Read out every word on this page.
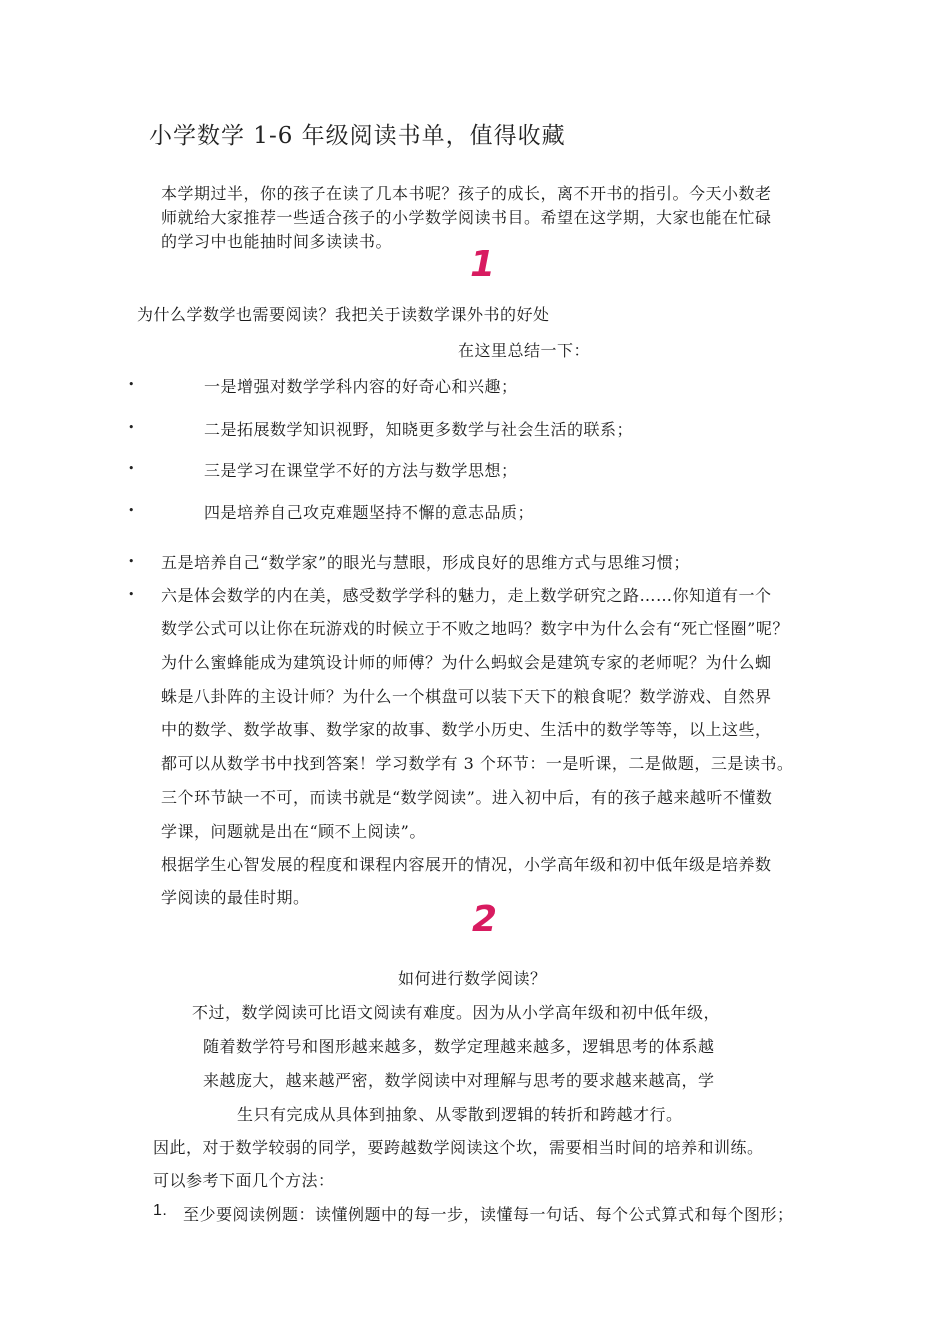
小学数学 1-6 年级阅读书单，值得收藏
本学期过半，你的孩子在读了几本书呢？孩子的成长，离不开书的指引。今天小数老
师就给大家推荐一些适合孩子的小学数学阅读书目。希望在这学期，大家也能在忙碌
的学习中也能抽时间多读读书。
1
为什么学数学也需要阅读？我把关于读数学课外书的好处
在这里总结一下：
•	一是增强对数学学科内容的好奇心和兴趣；
•	二是拓展数学知识视野，知晓更多数学与社会生活的联系；
•	三是学习在课堂学不好的方法与数学思想；
•	四是培养自己攻克难题坚持不懈的意志品质；
• 五是培养自己“数学家”的眼光与慧眼，形成良好的思维方式与思维习惯；
• 六是体会数学的内在美，感受数学学科的魅力，走上数学研究之路……你知道有一个
数学公式可以让你在玩游戏的时候立于不败之地吗？数字中为什么会有“死亡怪圈”呢？
为什么蜜蜂能成为建筑设计师的师傅？为什么蚂蚁会是建筑专家的老师呢？为什么蜘
蛛是八卦阵的主设计师？为什么一个棋盘可以装下天下的粮食呢？数学游戏、自然界
中的数学、数学故事、数学家的故事、数学小历史、生活中的数学等等，以上这些，
都可以从数学书中找到答案！学习数学有 3 个环节：一是听课，二是做题，三是读书。
三个环节缺一不可，而读书就是“数学阅读”。进入初中后，有的孩子越来越听不懂数
学课，问题就是出在“顾不上阅读”。
根据学生心智发展的程度和课程内容展开的情况，小学高年级和初中低年级是培养数
学阅读的最佳时期。
2
如何进行数学阅读？
不过，数学阅读可比语文阅读有难度。因为从小学高年级和初中低年级，
随着数学符号和图形越来越多，数学定理越来越多，逻辑思考的体系越
来越庞大，越来越严密，数学阅读中对理解与思考的要求越来越高，学
生只有完成从具体到抽象、从零散到逻辑的转折和跨越才行。
因此，对于数学较弱的同学，要跨越数学阅读这个坎，需要相当时间的培养和训练。
可以参考下面几个方法：
1. 至少要阅读例题：读懂例题中的每一步，读懂每一句话、每个公式算式和每个图形；
